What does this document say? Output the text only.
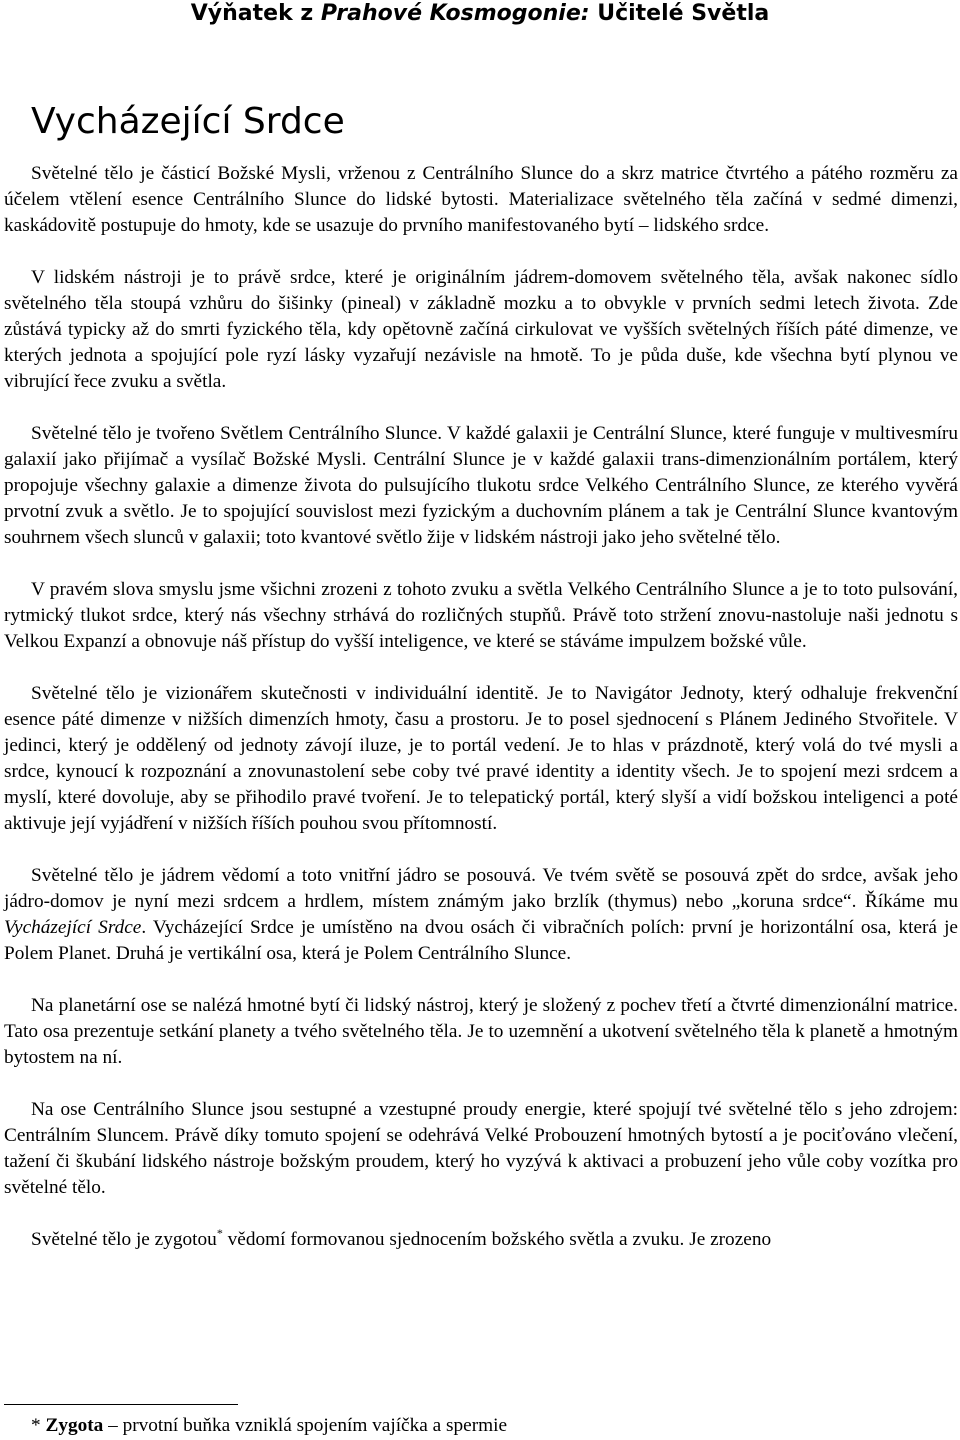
Výňatek z Prahové Kosmogonie: Učitelé Světla
Vycházející Srdce

Světelné tělo je částicí Božské Mysli, vrženou z Centrálního Slunce do a skrz matrice čtvrtého a pátého rozměru za účelem vtělení esence Centrálního Slunce do lidské bytosti. Materializace světelného těla začíná v sedmé dimenzi, kaskádovitě postupuje do hmoty, kde se usazuje do prvního manifestovaného bytí – lidského srdce.

V lidském nástroji je to právě srdce, které je originálním jádrem-domovem světelného těla, avšak nakonec sídlo světelného těla stoupá vzhůru do šišinky (pineal) v základně mozku a to obvykle v prvních sedmi letech života. Zde zůstává typicky až do smrti fyzického těla, kdy opětovně začíná cirkulovat ve vyšších světelných říších páté dimenze, ve kterých jednota a spojující pole ryzí lásky vyzařují nezávisle na hmotě. To je půda duše, kde všechna bytí plynou ve vibrující řece zvuku a světla.

Světelné tělo je tvořeno Světlem Centrálního Slunce. V každé galaxii je Centrální Slunce, které funguje v multivesmíru galaxií jako přijímač a vysílač Božské Mysli. Centrální Slunce je v každé galaxii trans-dimenzionálním portálem, který propojuje všechny galaxie a dimenze života do pulsujícího tlukotu srdce Velkého Centrálního Slunce, ze kterého vyvěrá prvotní zvuk a světlo. Je to spojující souvislost mezi fyzickým a duchovním plánem a tak je Centrální Slunce kvantovým souhrnem všech slunců v galaxii; toto kvantové světlo žije v lidském nástroji jako jeho světelné tělo.

V pravém slova smyslu jsme všichni zrozeni z tohoto zvuku a světla Velkého Centrálního Slunce a je to toto pulsování, rytmický tlukot srdce, který nás všechny strhává do rozličných stupňů. Právě toto stržení znovu-nastoluje naši jednotu s Velkou Expanzí a obnovuje náš přístup do vyšší inteligence, ve které se stáváme impulzem božské vůle.

Světelné tělo je vizionářem skutečnosti v individuální identitě. Je to Navigátor Jednoty, který odhaluje frekvenční esence páté dimenze v nižších dimenzích hmoty, času a prostoru. Je to posel sjednocení s Plánem Jediného Stvořitele. V jedinci, který je oddělený od jednoty závojí iluze, je to portál vedení. Je to hlas v prázdnotě, který volá do tvé mysli a srdce, kynoucí k rozpoznání a znovunastolení sebe coby tvé pravé identity a identity všech. Je to spojení mezi srdcem a myslí, které dovoluje, aby se přihodilo pravé tvoření. Je to telepatický portál, který slyší a vidí božskou inteligenci a poté aktivuje její vyjádření v nižších říších pouhou svou přítomností.

Světelné tělo je jádrem vědomí a toto vnitřní jádro se posouvá. Ve tvém světě se posouvá zpět do srdce, avšak jeho jádro-domov je nyní mezi srdcem a hrdlem, místem známým jako brzlík (thymus) nebo „koruna srdce“. Říkáme mu Vycházející Srdce. Vycházející Srdce je umístěno na dvou osách či vibračních polích: první je horizontální osa, která je Polem Planet. Druhá je vertikální osa, která je Polem Centrálního Slunce.

Na planetární ose se nalézá hmotné bytí či lidský nástroj, který je složený z pochev třetí a čtvrté dimenzionální matrice. Tato osa prezentuje setkání planety a tvého světelného těla. Je to uzemnění a ukotvení světelného těla k planetě a hmotným bytostem na ní.

Na ose Centrálního Slunce jsou sestupné a vzestupné proudy energie, které spojují tvé světelné tělo s jeho zdrojem: Centrálním Sluncem. Právě díky tomuto spojení se odehrává Velké Probouzení hmotných bytostí a je pociťováno vlečení, tažení či škubání lidského nástroje božským proudem, který ho vyzývá k aktivaci a probuzení jeho vůle coby vozítka pro světelné tělo.

Světelné tělo je zygotou* vědomí formovanou sjednocením božského světla a zvuku. Je zrozeno

* Zygota – prvotní buňka vzniklá spojením vajíčka a spermie
